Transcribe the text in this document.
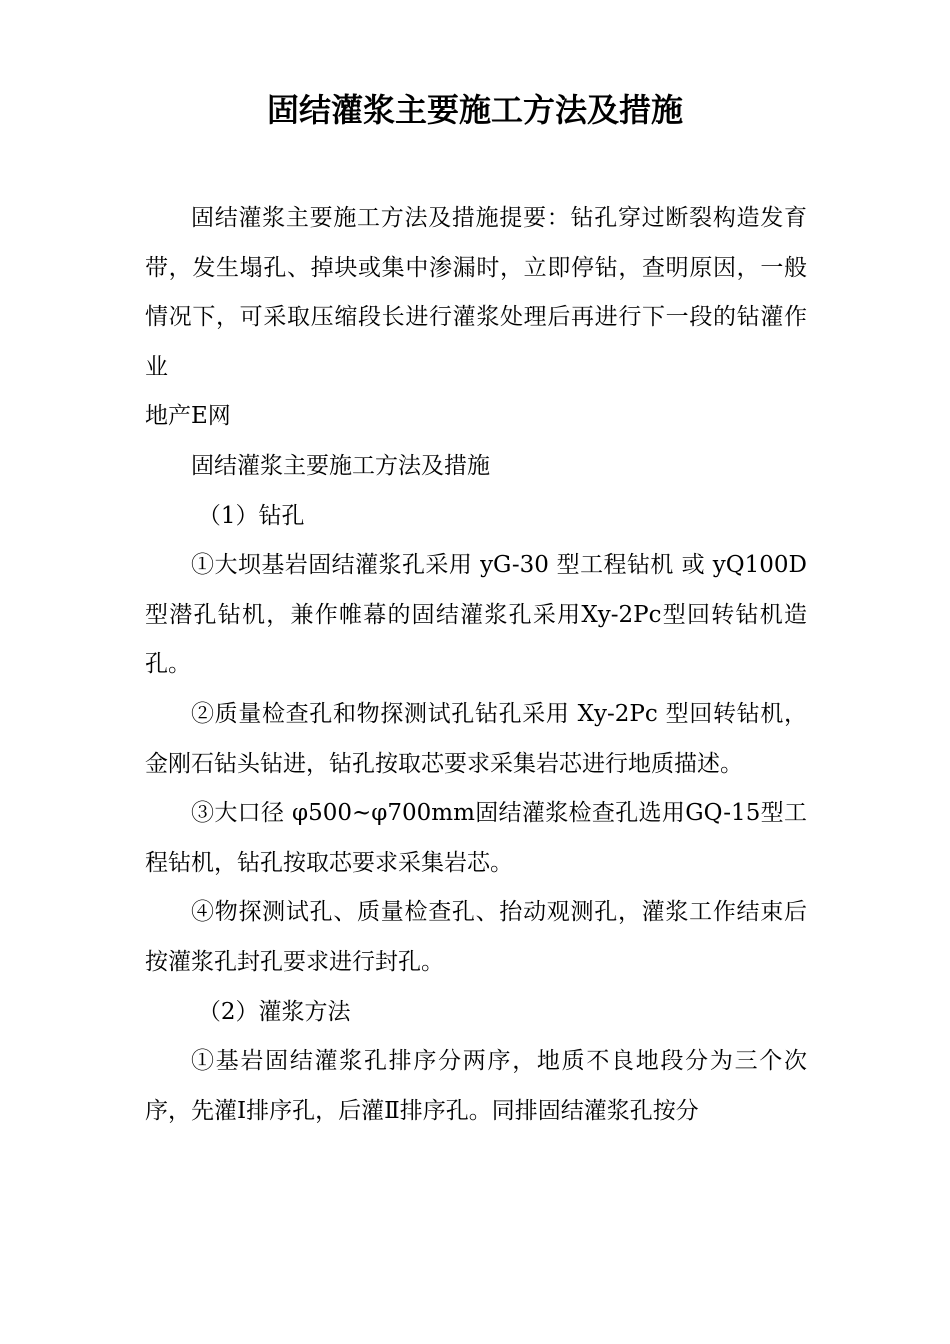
固结灌浆主要施工方法及措施

固结灌浆主要施工方法及措施提要：钻孔穿过断裂构造发育带，发生塌孔、掉块或集中渗漏时，立即停钻，查明原因，一般情况下，可采取压缩段长进行灌浆处理后再进行下一段的钻灌作业

地产E网

固结灌浆主要施工方法及措施

（1）钻孔

①大坝基岩固结灌浆孔采用 yG-30 型工程钻机 或 yQ100D型潜孔钻机，兼作帷幕的固结灌浆孔采用Xy-2Pc型回转钻机造孔。

②质量检查孔和物探测试孔钻孔采用 Xy-2Pc 型回转钻机，金刚石钻头钻进，钻孔按取芯要求采集岩芯进行地质描述。

③大口径 φ500~φ700mm固结灌浆检查孔选用GQ-15型工程钻机，钻孔按取芯要求采集岩芯。

④物探测试孔、质量检查孔、抬动观测孔，灌浆工作结束后按灌浆孔封孔要求进行封孔。

（2）灌浆方法

①基岩固结灌浆孔排序分两序，地质不良地段分为三个次序，先灌Ⅰ排序孔，后灌Ⅱ排序孔。同排固结灌浆孔按分
